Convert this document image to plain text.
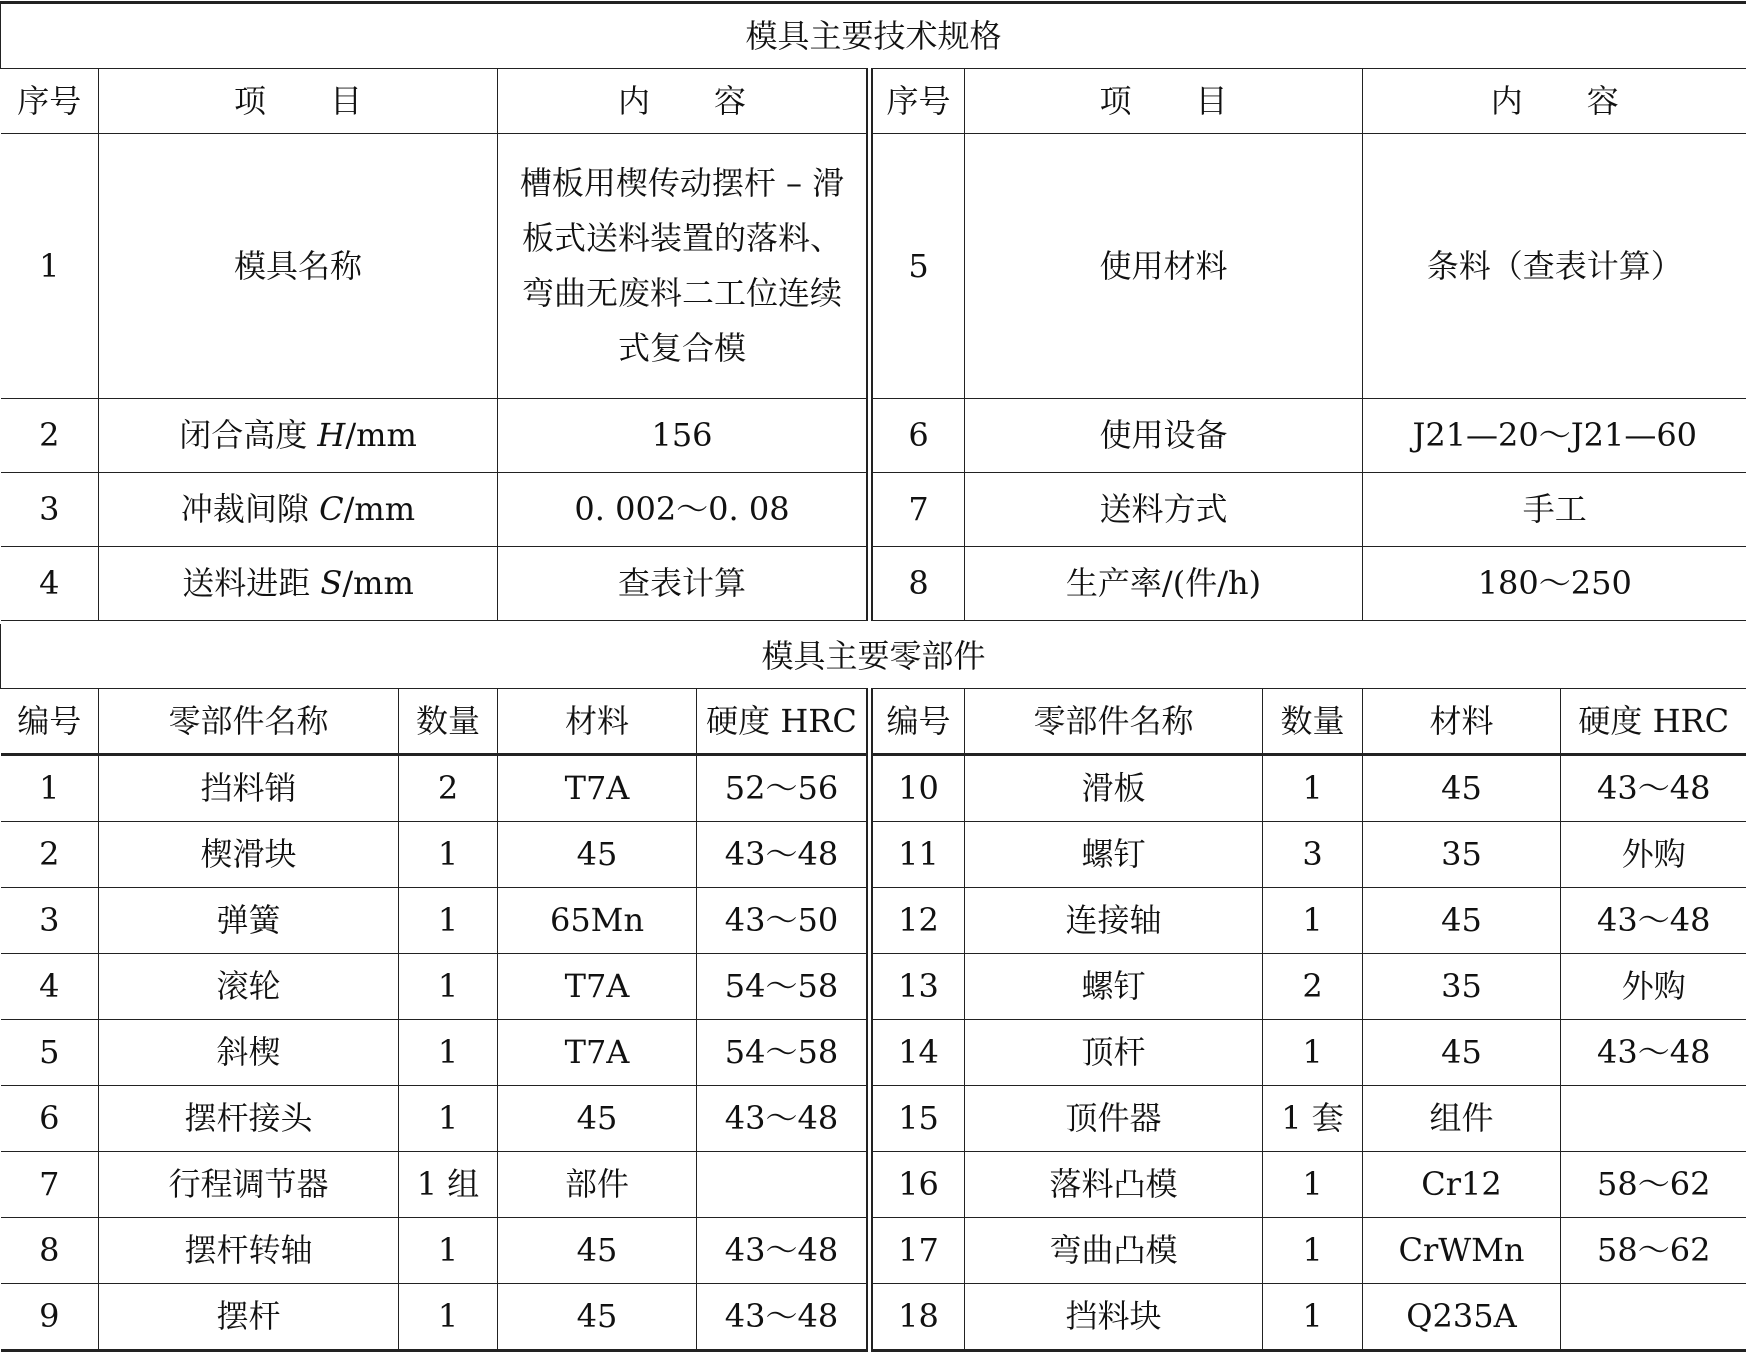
模具主要技术规格					
序号	项　　目	内　　容	序号	项　　目	内　　容
1	模具名称	槽板用楔传动摆杆 – 滑板式送料装置的落料、弯曲无废料二工位连续式复合模	5	使用材料	条料（查表计算）
2	闭合高度 H/mm	156	6	使用设备	J21—20～J21—60
3	冲裁间隙 C/mm	0. 002～0. 08	7	送料方式	手工
4	送料进距 S/mm	查表计算	8	生产率/(件/h)	180～250
模具主要零部件									
编号	零部件名称	数量	材料	硬度 HRC	编号	零部件名称	数量	材料	硬度 HRC
1	挡料销	2	T7A	52～56	10	滑板	1	45	43～48
2	楔滑块	1	45	43～48	11	螺钉	3	35	外购
3	弹簧	1	65Mn	43～50	12	连接轴	1	45	43～48
4	滚轮	1	T7A	54～58	13	螺钉	2	35	外购
5	斜楔	1	T7A	54～58	14	顶杆	1	45	43～48
6	摆杆接头	1	45	43～48	15	顶件器	1 套	组件	
7	行程调节器	1 组	部件		16	落料凸模	1	Cr12	58～62
8	摆杆转轴	1	45	43～48	17	弯曲凸模	1	CrWMn	58～62
9	摆杆	1	45	43～48	18	挡料块	1	Q235A	
